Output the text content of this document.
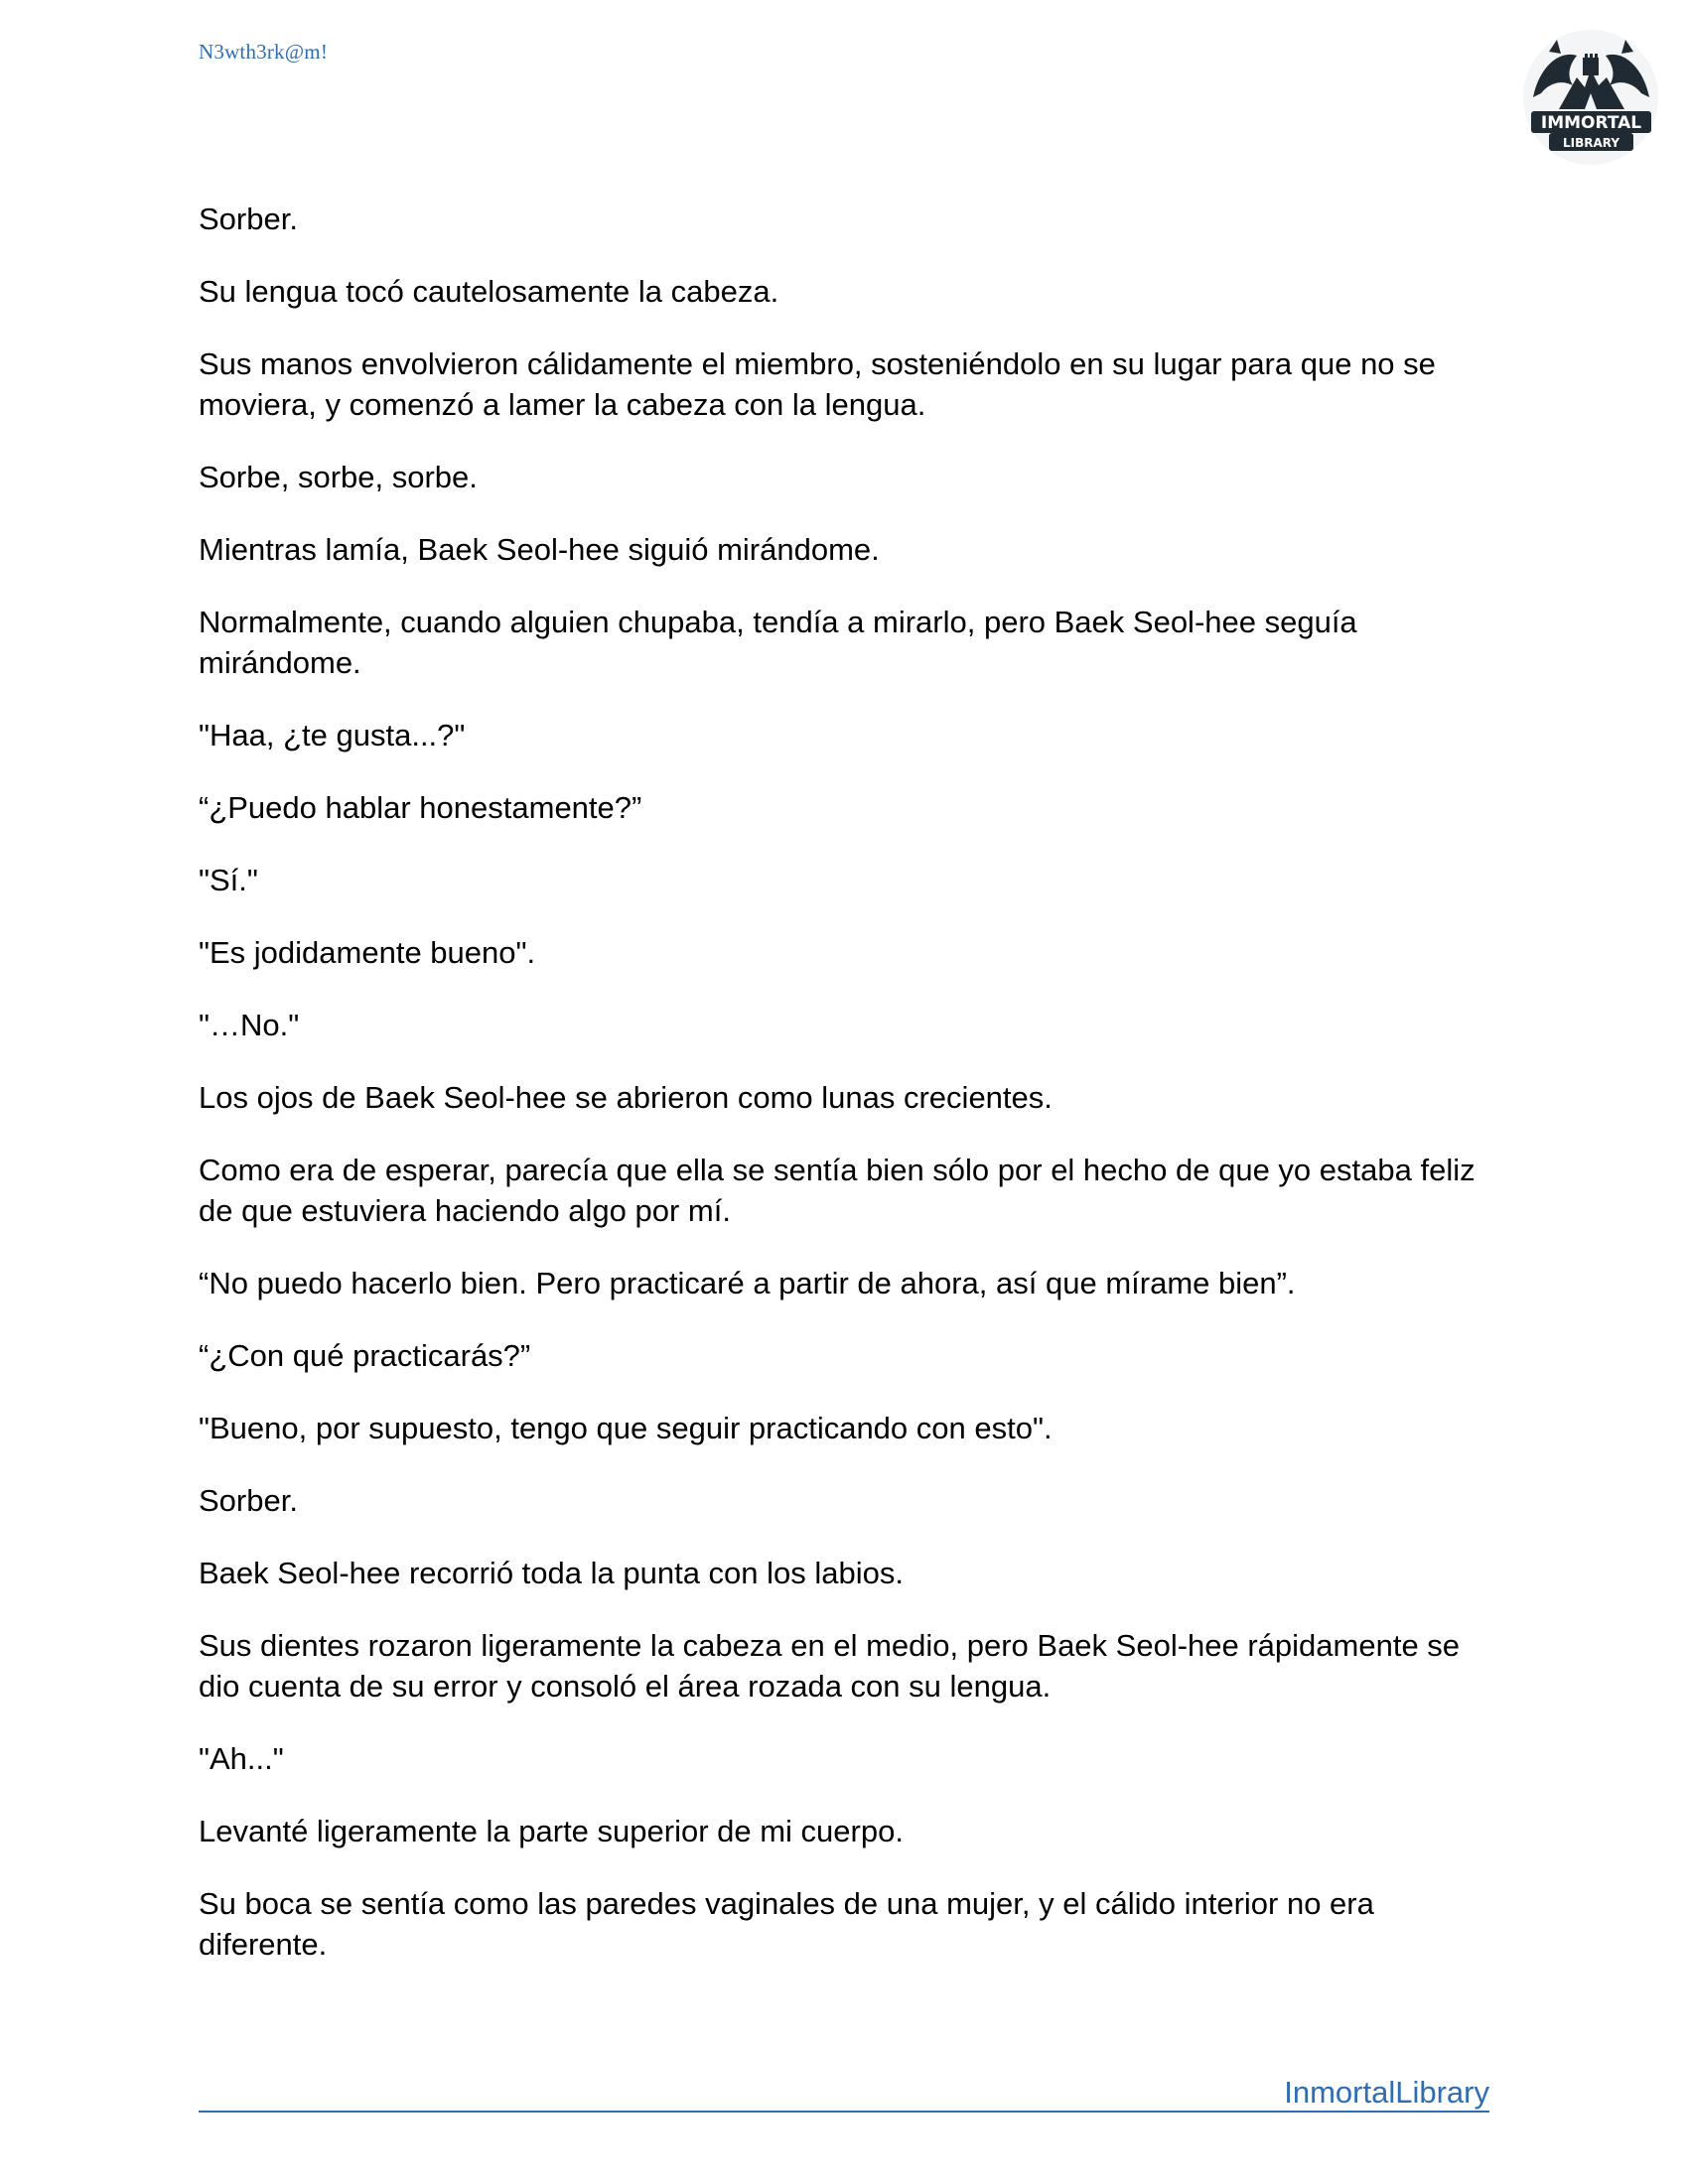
N3wth3rk@m!
IMMORTAL
LIBRARY

Sorber.

Su lengua tocó cautelosamente la cabeza.

Sus manos envolvieron cálidamente el miembro, sosteniéndolo en su lugar para que no se moviera, y comenzó a lamer la cabeza con la lengua.

Sorbe, sorbe, sorbe.

Mientras lamía, Baek Seol-hee siguió mirándome.

Normalmente, cuando alguien chupaba, tendía a mirarlo, pero Baek Seol-hee seguía mirándome.

"Haa, ¿te gusta...?"

“¿Puedo hablar honestamente?”

"Sí."

"Es jodidamente bueno".

"…No."

Los ojos de Baek Seol-hee se abrieron como lunas crecientes.

Como era de esperar, parecía que ella se sentía bien sólo por el hecho de que yo estaba feliz de que estuviera haciendo algo por mí.

“No puedo hacerlo bien. Pero practicaré a partir de ahora, así que mírame bien”.

“¿Con qué practicarás?”

"Bueno, por supuesto, tengo que seguir practicando con esto".

Sorber.

Baek Seol-hee recorrió toda la punta con los labios.

Sus dientes rozaron ligeramente la cabeza en el medio, pero Baek Seol-hee rápidamente se dio cuenta de su error y consoló el área rozada con su lengua.

"Ah..."

Levanté ligeramente la parte superior de mi cuerpo.

Su boca se sentía como las paredes vaginales de una mujer, y el cálido interior no era diferente.

InmortalLibrary
